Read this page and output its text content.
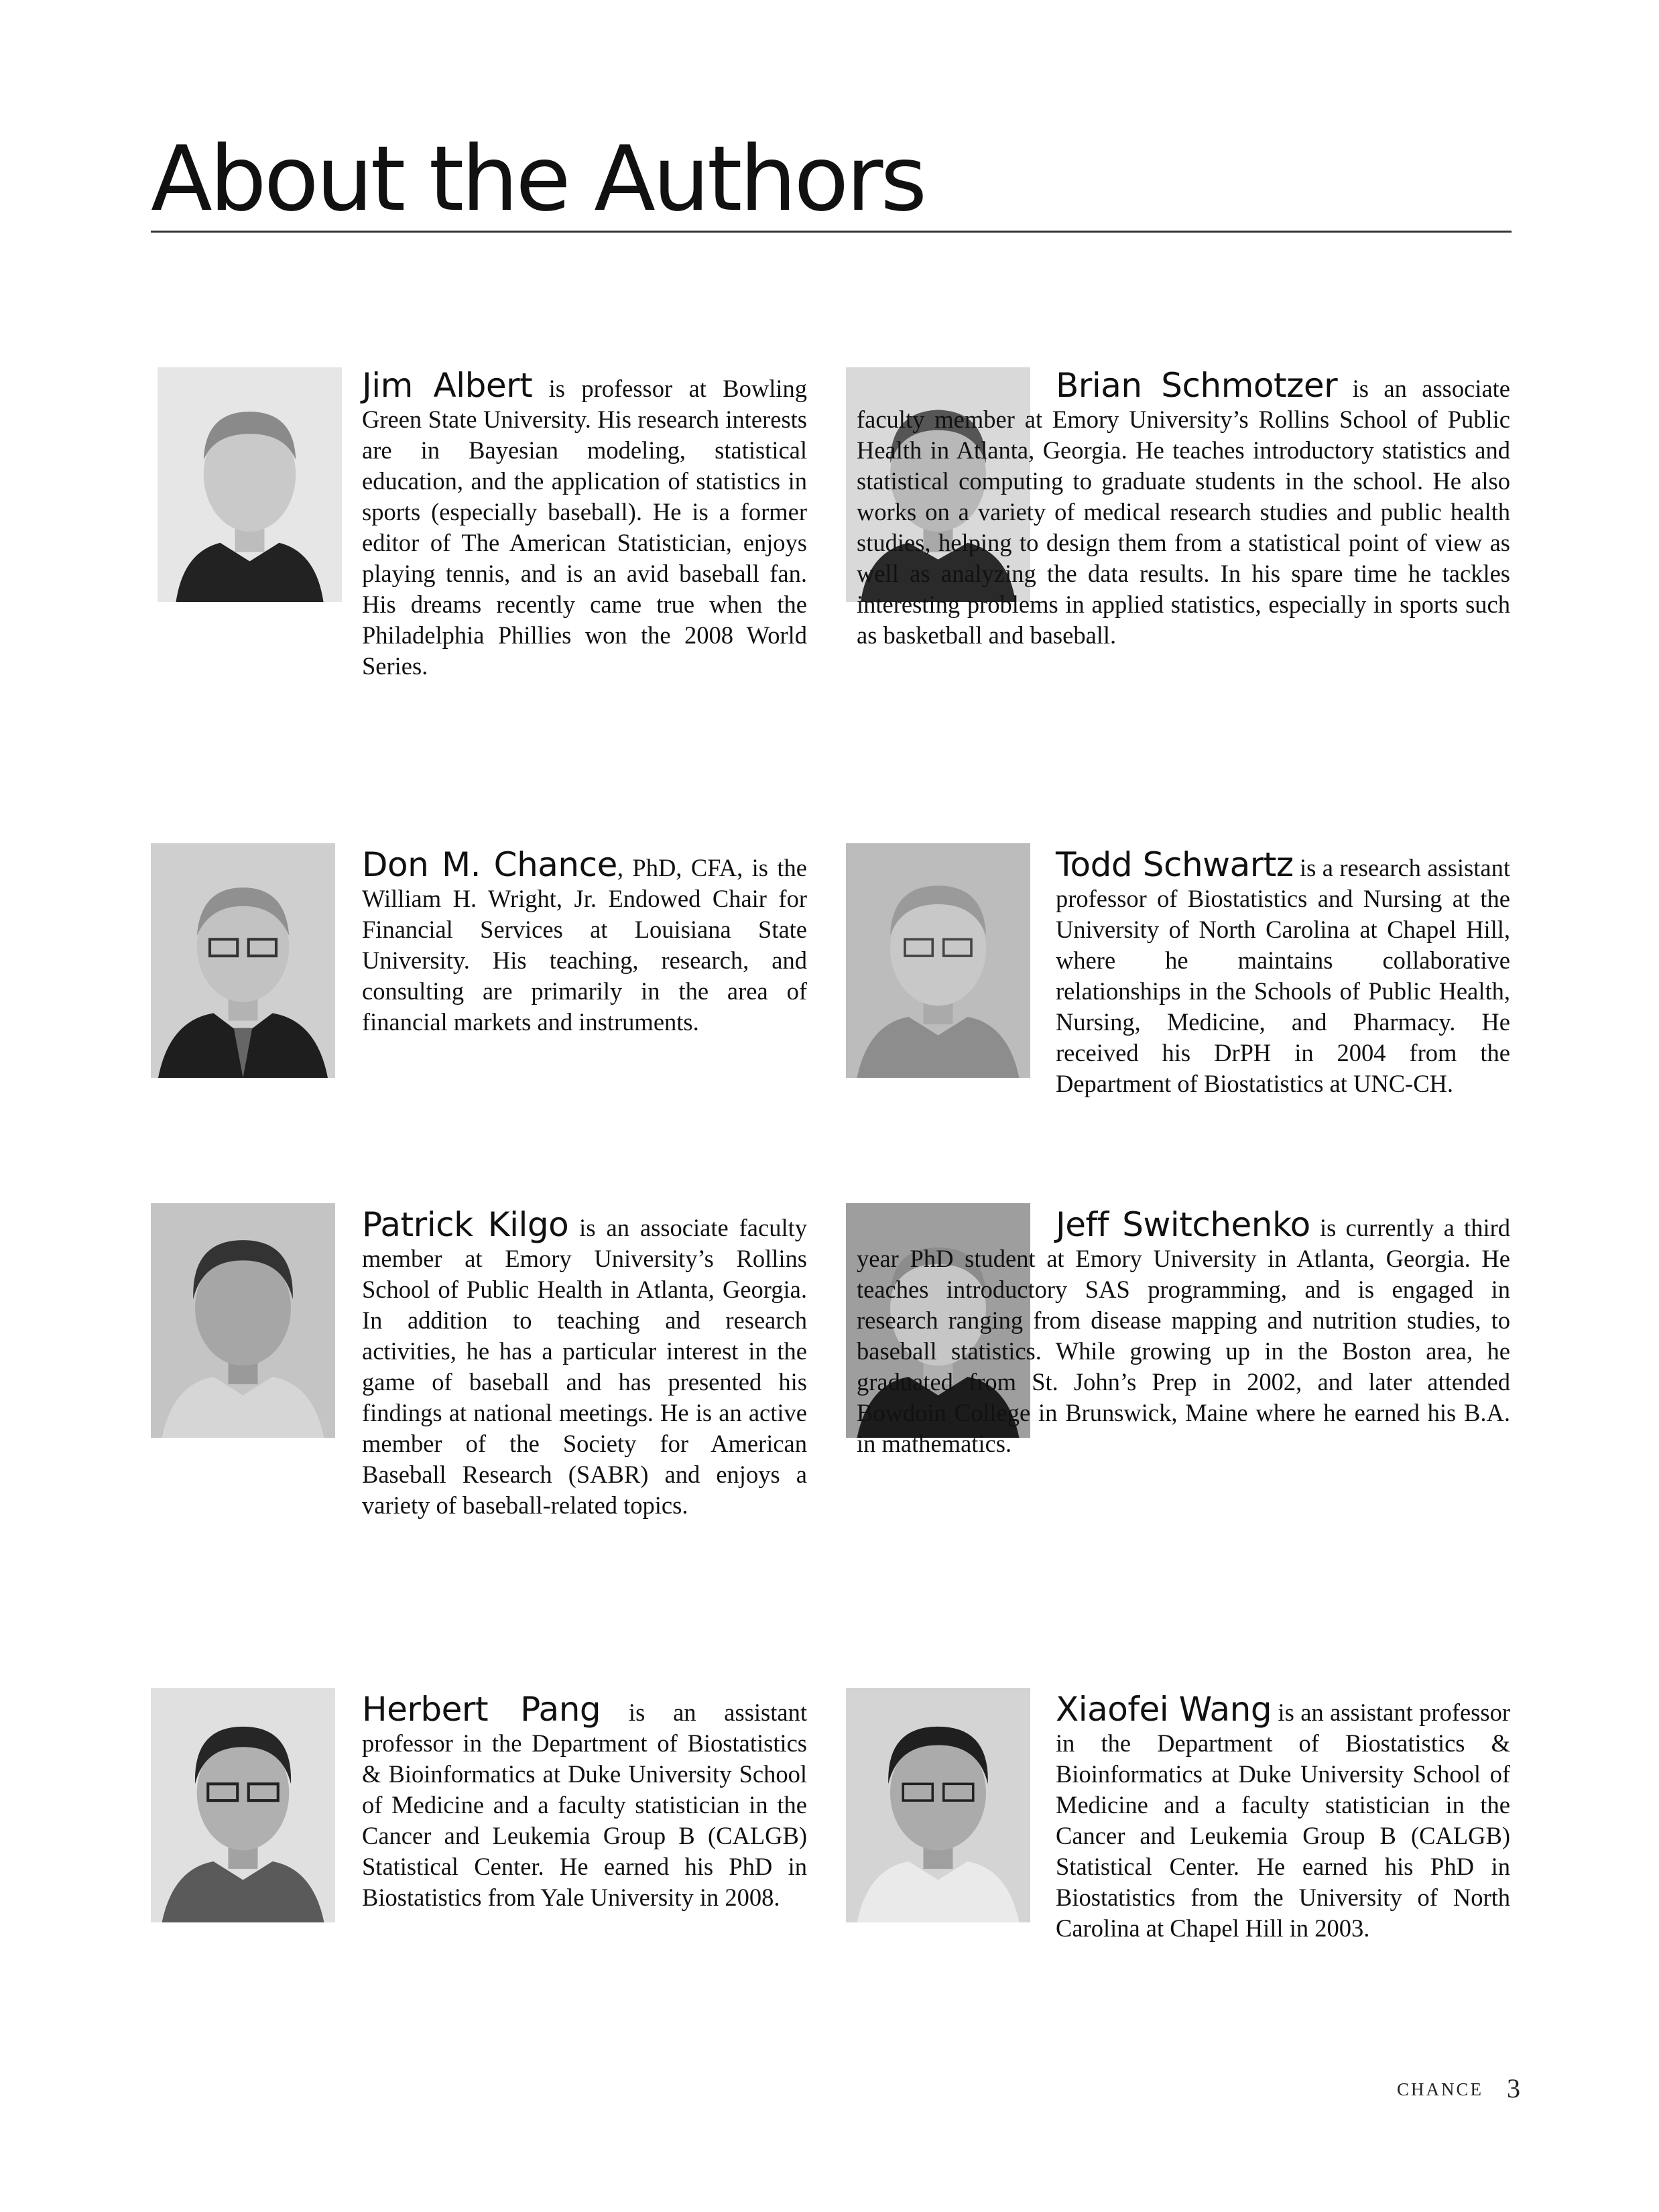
About the Authors
Jim Albert is professor at Bowling Green State University. His research interests are in Bayesian modeling, statistical education, and the application of statistics in sports (especially baseball). He is a former editor of The American Statistician, enjoys playing tennis, and is an avid baseball fan. His dreams recently came true when the Philadelphia Phillies won the 2008 World Series.
Brian Schmotzer is an associate faculty member at Emory University’s Rollins School of Public Health in Atlanta, Georgia. He teaches introductory statistics and statistical computing to graduate students in the school. He also works on a variety of medical research studies and public health studies, helping to design them from a statistical point of view as well as analyzing the data results. In his spare time he tackles interesting problems in applied statistics, especially in sports such as basketball and baseball.
Don M. Chance, PhD, CFA, is the William H. Wright, Jr. Endowed Chair for Financial Services at Louisiana State University. His teaching, research, and consulting are primarily in the area of financial markets and instruments.
Todd Schwartz is a research assistant professor of Biostatistics and Nursing at the University of North Carolina at Chapel Hill, where he maintains collaborative relationships in the Schools of Public Health, Nursing, Medicine, and Pharmacy. He received his DrPH in 2004 from the Department of Biostatistics at UNC-CH.
Patrick Kilgo is an associate faculty member at Emory University’s Rollins School of Public Health in Atlanta, Georgia. In addition to teaching and research activities, he has a particular interest in the game of baseball and has presented his findings at national meetings. He is an active member of the Society for American Baseball Research (SABR) and enjoys a variety of baseball-related topics.
Jeff Switchenko is currently a third year PhD student at Emory University in Atlanta, Georgia. He teaches introductory SAS programming, and is engaged in research ranging from disease mapping and nutrition studies, to baseball statistics. While growing up in the Boston area, he graduated from St. John’s Prep in 2002, and later attended Bowdoin College in Brunswick, Maine where he earned his B.A. in mathematics.
Herbert Pang is an assistant professor in the Department of Biostatistics & Bioinformatics at Duke University School of Medicine and a faculty statistician in the Cancer and Leukemia Group B (CALGB) Statistical Center. He earned his PhD in Biostatistics from Yale University in 2008.
Xiaofei Wang is an assistant professor in the Department of Biostatistics & Bioinformatics at Duke University School of Medicine and a faculty statistician in the Cancer and Leukemia Group B (CALGB) Statistical Center. He earned his PhD in Biostatistics from the University of North Carolina at Chapel Hill in 2003.
CHANCE 3
